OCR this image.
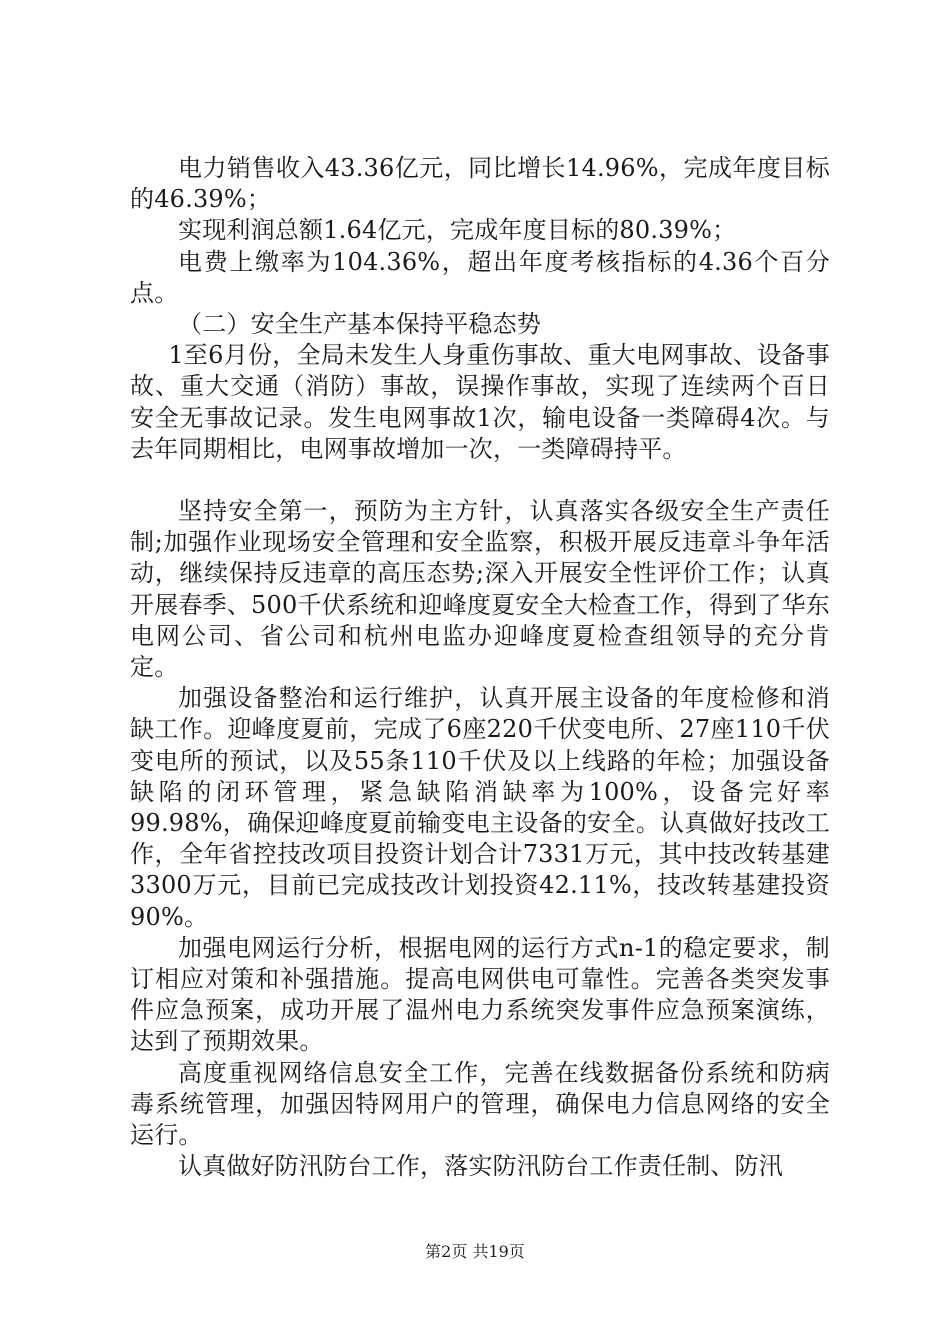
电力销售收入43.36亿元，同比增长14.96%，完成年度目标的46.39%；

实现利润总额1.64亿元，完成年度目标的80.39%；

电费上缴率为104.36%，超出年度考核指标的4.36个百分点。

（二）安全生产基本保持平稳态势

1至6月份，全局未发生人身重伤事故、重大电网事故、设备事故、重大交通（消防）事故，误操作事故，实现了连续两个百日安全无事故记录。发生电网事故1次，输电设备一类障碍4次。与去年同期相比，电网事故增加一次，一类障碍持平。

坚持安全第一，预防为主方针，认真落实各级安全生产责任制;加强作业现场安全管理和安全监察，积极开展反违章斗争年活动，继续保持反违章的高压态势;深入开展安全性评价工作；认真开展春季、500千伏系统和迎峰度夏安全大检查工作，得到了华东电网公司、省公司和杭州电监办迎峰度夏检查组领导的充分肯定。

加强设备整治和运行维护，认真开展主设备的年度检修和消缺工作。迎峰度夏前，完成了6座220千伏变电所、27座110千伏变电所的预试，以及55条110千伏及以上线路的年检；加强设备缺陷的闭环管理，紧急缺陷消缺率为100%，设备完好率99.98%，确保迎峰度夏前输变电主设备的安全。认真做好技改工作，全年省控技改项目投资计划合计7331万元，其中技改转基建3300万元，目前已完成技改计划投资42.11%，技改转基建投资90%。

加强电网运行分析，根据电网的运行方式n-1的稳定要求，制订相应对策和补强措施。提高电网供电可靠性。完善各类突发事件应急预案，成功开展了温州电力系统突发事件应急预案演练，达到了预期效果。

高度重视网络信息安全工作，完善在线数据备份系统和防病毒系统管理，加强因特网用户的管理，确保电力信息网络的安全运行。

认真做好防汛防台工作，落实防汛防台工作责任制、防汛

第2页 共19页
